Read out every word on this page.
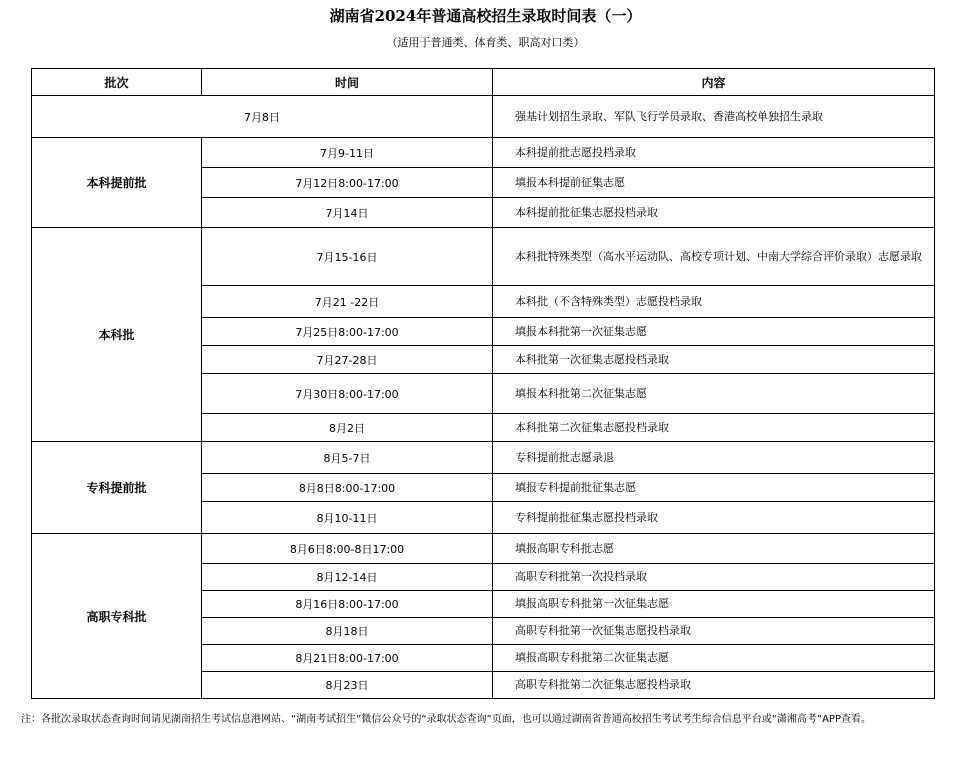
湖南省2024年普通高校招生录取时间表（一）
（适用于普通类、体育类、职高对口类）
批次	时间	内容
7月8日		强基计划招生录取、军队飞行学员录取、香港高校单独招生录取
本科提前批	7月9-11日	本科提前批志愿投档录取
	7月12日8:00-17:00	填报本科提前征集志愿
	7月14日	本科提前批征集志愿投档录取
本科批	7月15-16日	本科批特殊类型（高水平运动队、高校专项计划、中南大学综合评价录取）志愿录取
	7月21 -22日	本科批（不含特殊类型）志愿投档录取
	7月25日8:00-17:00	填报本科批第一次征集志愿
	7月27-28日	本科批第一次征集志愿投档录取
	7月30日8:00-17:00	填报本科批第二次征集志愿
	8月2日	本科批第二次征集志愿投档录取
专科提前批	8月5-7日	专科提前批志愿录退
	8月8日8:00-17:00	填报专科提前批征集志愿
	8月10-11日	专科提前批征集志愿投档录取
高职专科批	8月6日8:00-8日17:00	填报高职专科批志愿
	8月12-14日	高职专科批第一次投档录取
	8月16日8:00-17:00	填报高职专科批第一次征集志愿
	8月18日	高职专科批第一次征集志愿投档录取
	8月21日8:00-17:00	填报高职专科批第二次征集志愿
	8月23日	高职专科批第二次征集志愿投档录取
注：各批次录取状态查询时间请见湖南招生考试信息港网站、“湖南考试招生”微信公众号的“录取状态查询”页面，也可以通过湖南省普通高校招生考试考生综合信息平台或“潇湘高考”APP查看。
